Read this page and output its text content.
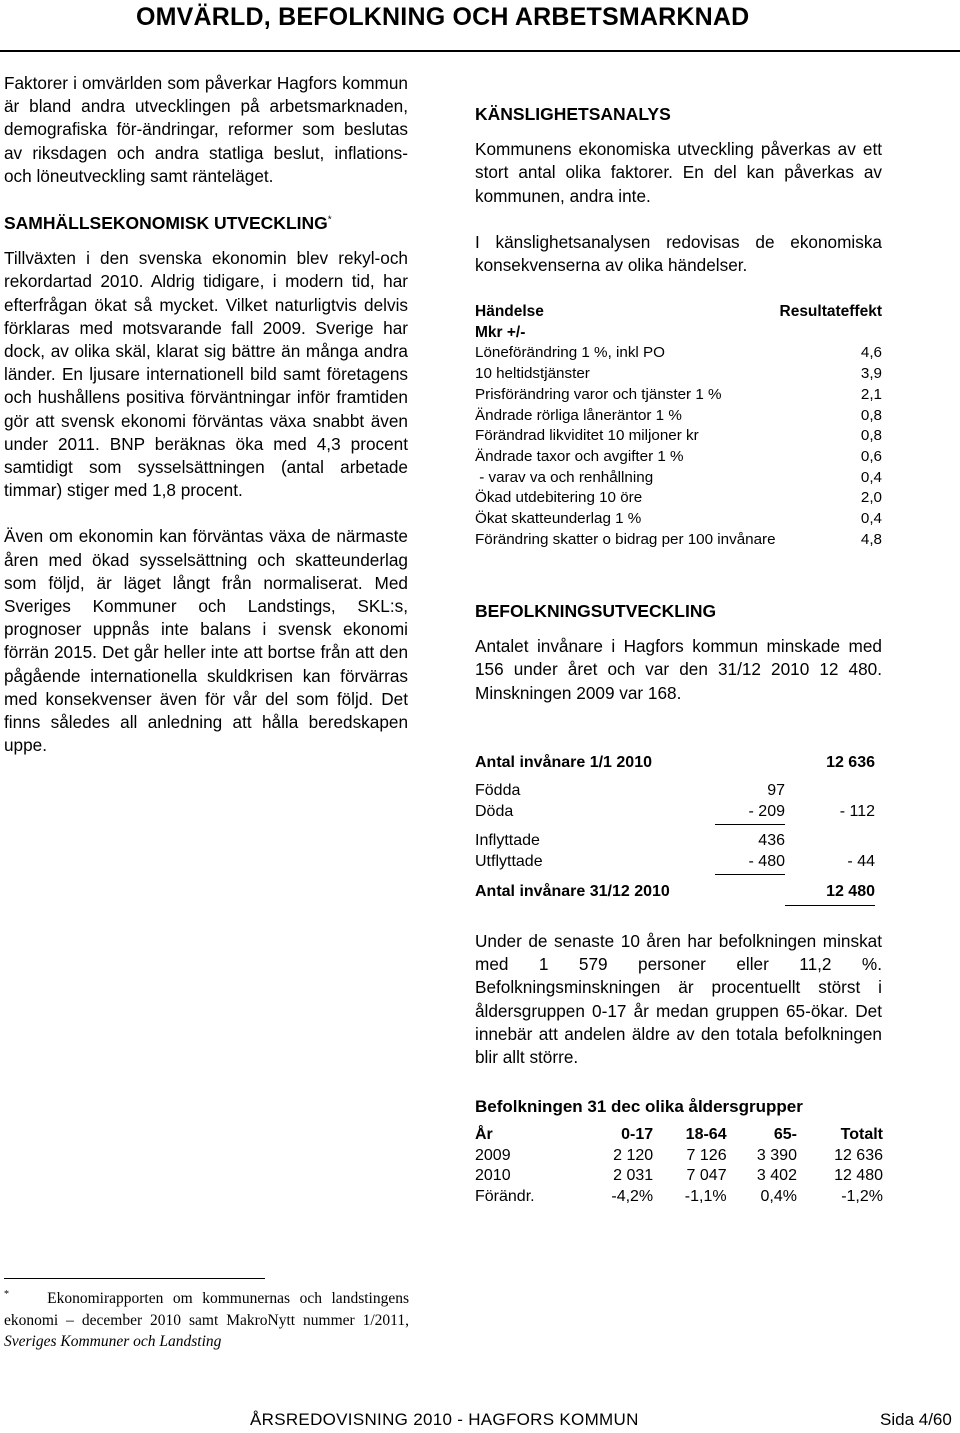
OMVÄRLD, BEFOLKNING OCH ARBETSMARKNAD

Faktorer i omvärlden som påverkar Hagfors kommun är bland andra utvecklingen på arbetsmarknaden, demografiska för-ändringar, reformer som beslutas av riksdagen och andra statliga beslut, inflations- och löneutveckling samt ränteläget.

SAMHÄLLSEKONOMISK UTVECKLING*

Tillväxten i den svenska ekonomin blev rekyl-och rekordartad 2010. Aldrig tidigare, i modern tid, har efterfrågan ökat så mycket. Vilket naturligtvis delvis förklaras med motsvarande fall 2009. Sverige har dock, av olika skäl, klarat sig bättre än många andra länder. En ljusare internationell bild samt företagens och hushållens positiva förväntningar inför framtiden gör att svensk ekonomi förväntas växa snabbt även under 2011. BNP beräknas öka med 4,3 procent samtidigt som sysselsättningen (antal arbetade timmar) stiger med 1,8 procent.

Även om ekonomin kan förväntas växa de närmaste åren med ökad sysselsättning och skatteunderlag som följd, är läget långt från normaliserat. Med Sveriges Kommuner och Landstings, SKL:s, prognoser uppnås inte balans i svensk ekonomi förrän 2015. Det går heller inte att bortse från att den pågående internationella skuldkrisen kan förvärras med konsekvenser även för vår del som följd. Det finns således all anledning att hålla beredskapen uppe.

KÄNSLIGHETSANALYS

Kommunens ekonomiska utveckling påverkas av ett stort antal olika faktorer. En del kan påverkas av kommunen, andra inte.

I känslighetsanalysen redovisas de ekonomiska konsekvenserna av olika händelser.

Händelse	Resultateffekt
Mkr +/-	
Löneförändring 1 %, inkl PO	4,6
10 heltidstjänster	3,9
Prisförändring varor och tjänster 1 %	2,1
Ändrade rörliga låneräntor 1 %	0,8
Förändrad likviditet 10 miljoner kr	0,8
Ändrade taxor och avgifter 1 %	0,6
- varav va och renhållning	0,4
Ökad utdebitering 10 öre	2,0
Ökat skatteunderlag 1 %	0,4
Förändring skatter o bidrag per 100 invånare	4,8

BEFOLKNINGSUTVECKLING

Antalet invånare i Hagfors kommun minskade med 156 under året och var den 31/12 2010 12 480. Minskningen 2009 var 168.

Antal invånare 1/1 2010		12 636
Födda	97	
Döda	- 209	- 112

Inflyttade	436	
Utflyttade	- 480	- 44

Antal invånare 31/12 2010		12 480

Under de senaste 10 åren har befolkningen minskat med 1 579 personer eller 11,2 %. Befolkningsminskningen är procentuellt störst i åldersgruppen 0-17 år medan gruppen 65-ökar. Det innebär att andelen äldre av den totala befolkningen blir allt större.

Befolkningen 31 dec olika åldersgrupper
År	0-17	18-64	65-	Totalt
2009	2 120	7 126	3 390	12 636
2010	2 031	7 047	3 402	12 480
Förändr.	-4,2%	-1,1%	0,4%	-1,2%
* Ekonomirapporten om kommunernas och landstingens ekonomi – december 2010 samt MakroNytt nummer 1/2011, Sveriges Kommuner och Landsting
ÅRSREDOVISNING 2010 - HAGFORS KOMMUN	Sida 4/60
